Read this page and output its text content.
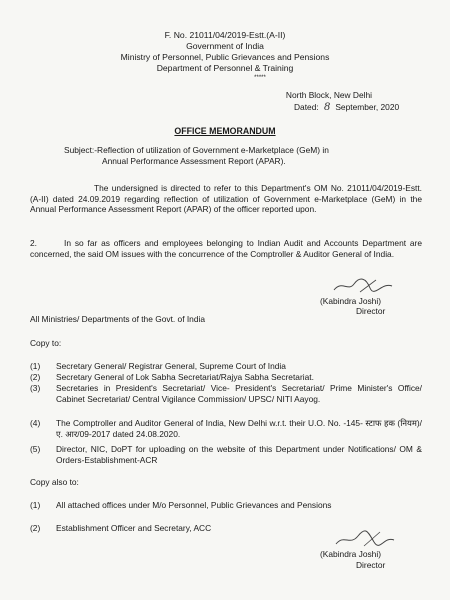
F. No. 21011/04/2019-Estt.(A-II)
Government of India
Ministry of Personnel, Public Grievances and Pensions
Department of Personnel & Training
*****
North Block, New Delhi
Dated: 8 September, 2020
OFFICE MEMORANDUM
Subject:-Reflection of utilization of Government e-Marketplace (GeM) in
Annual Performance Assessment Report (APAR).
The undersigned is directed to refer to this Department's OM No. 21011/04/2019-Estt.(A-II) dated 24.09.2019 regarding reflection of utilization of Government e-Marketplace (GeM) in the Annual Performance Assessment Report (APAR) of the officer reported upon.
2.	In so far as officers and employees belonging to Indian Audit and Accounts Department are concerned, the said OM issues with the concurrence of the Comptroller & Auditor General of India.
(Kabindra Joshi)
Director
All Ministries/ Departments of the Govt. of India
Copy to:
(1) Secretary General/ Registrar General, Supreme Court of India
(2) Secretary General of Lok Sabha Secretariat/Rajya Sabha Secretariat.
(3) Secretaries in President's Secretariat/ Vice- President's Secretariat/ Prime Minister's Office/ Cabinet Secretariat/ Central Vigilance Commission/ UPSC/ NITI Aayog.
(4) The Comptroller and Auditor General of India, New Delhi w.r.t. their U.O. No. -145- स्टाफ हक (नियम)/ए. आर/09-2017 dated 24.08.2020.
(5) Director, NIC, DoPT for uploading on the website of this Department under Notifications/ OM & Orders-Establishment-ACR
Copy also to:
(1) All attached offices under M/o Personnel, Public Grievances and Pensions
(2) Establishment Officer and Secretary, ACC
(Kabindra Joshi)
Director
